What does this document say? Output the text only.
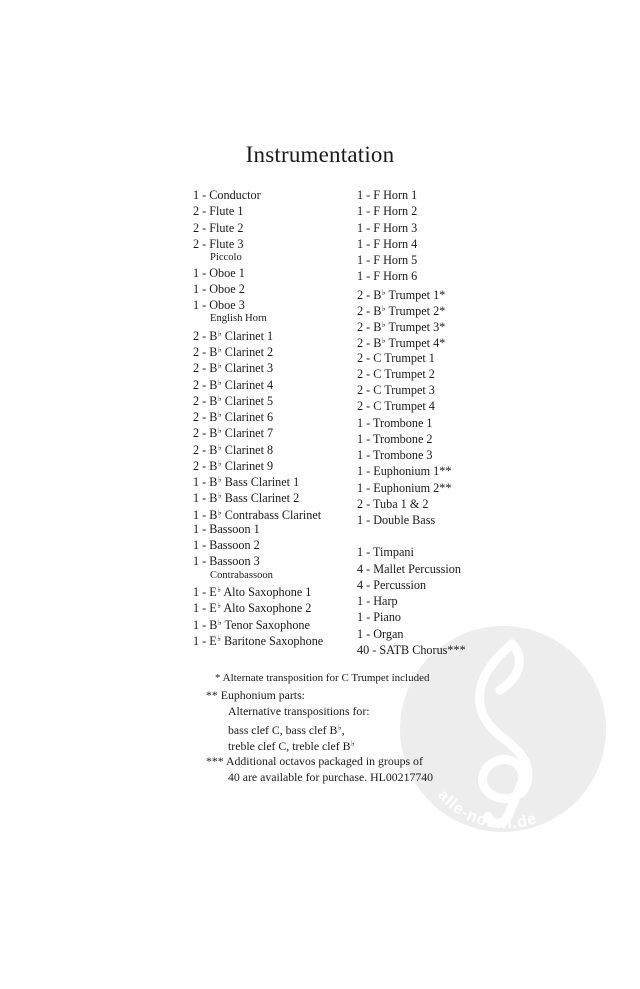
alle-noten.de
Instrumentation
1 - Conductor
2 - Flute 1
2 - Flute 2
2 - Flute 3
Piccolo
1 - Oboe 1
1 - Oboe 2
1 - Oboe 3
English Horn
2 - B♭ Clarinet 1
2 - B♭ Clarinet 2
2 - B♭ Clarinet 3
2 - B♭ Clarinet 4
2 - B♭ Clarinet 5
2 - B♭ Clarinet 6
2 - B♭ Clarinet 7
2 - B♭ Clarinet 8
2 - B♭ Clarinet 9
1 - B♭ Bass Clarinet 1
1 - B♭ Bass Clarinet 2
1 - B♭ Contrabass Clarinet
1 - Bassoon 1
1 - Bassoon 2
1 - Bassoon 3
Contrabassoon
1 - E♭ Alto Saxophone 1
1 - E♭ Alto Saxophone 2
1 - B♭ Tenor Saxophone
1 - E♭ Baritone Saxophone
1 - F Horn 1
1 - F Horn 2
1 - F Horn 3
1 - F Horn 4
1 - F Horn 5
1 - F Horn 6
2 - B♭ Trumpet 1*
2 - B♭ Trumpet 2*
2 - B♭ Trumpet 3*
2 - B♭ Trumpet 4*
2 - C Trumpet 1
2 - C Trumpet 2
2 - C Trumpet 3
2 - C Trumpet 4
1 - Trombone 1
1 - Trombone 2
1 - Trombone 3
1 - Euphonium 1**
1 - Euphonium 2**
2 - Tuba 1 & 2
1 - Double Bass
1 - Timpani
4 - Mallet Percussion
4 - Percussion
1 - Harp
1 - Piano
1 - Organ
40 - SATB Chorus***
* Alternate transposition for C Trumpet included
** Euphonium parts:
Alternative transpositions for:
bass clef C, bass clef B♭,
treble clef C, treble clef B♭
*** Additional octavos packaged in groups of
40 are available for purchase. HL00217740
